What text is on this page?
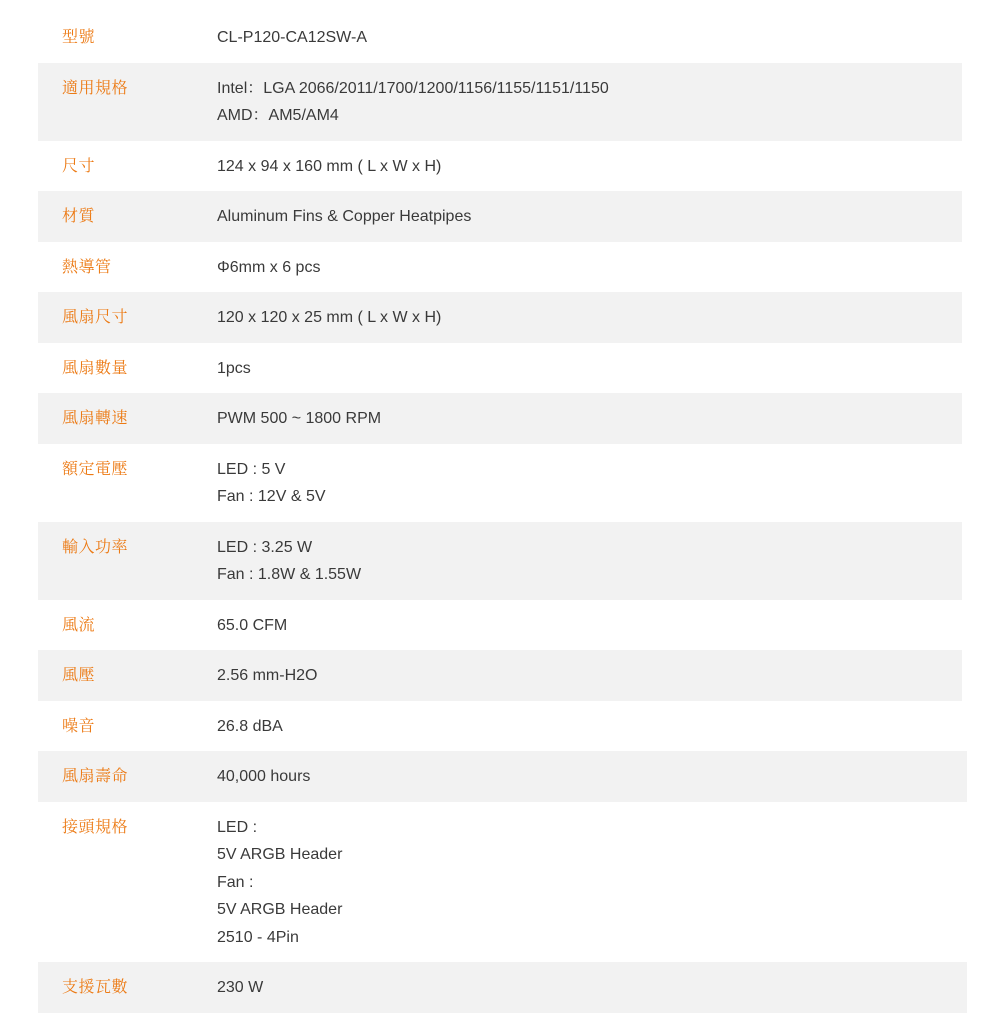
型號	CL-P120-CA12SW-A
適用規格	Intel：LGA 2066/2011/1700/1200/1156/1155/1151/1150
AMD：AM5/AM4
尺寸	124 x 94 x 160 mm ( L x W x H)
材質	Aluminum Fins & Copper Heatpipes
熱導管	Φ6mm x 6 pcs
風扇尺寸	120 x 120 x 25 mm ( L x W x H)
風扇數量	1pcs
風扇轉速	PWM 500 ~ 1800 RPM
額定電壓	LED : 5 V
Fan : 12V & 5V
輸入功率	LED : 3.25 W
Fan : 1.8W & 1.55W
風流	65.0 CFM
風壓	2.56 mm-H2O
噪音	26.8 dBA
風扇壽命	40,000 hours
接頭規格	LED :
5V ARGB Header
Fan :
5V ARGB Header
2510 - 4Pin
支援瓦數	230 W
